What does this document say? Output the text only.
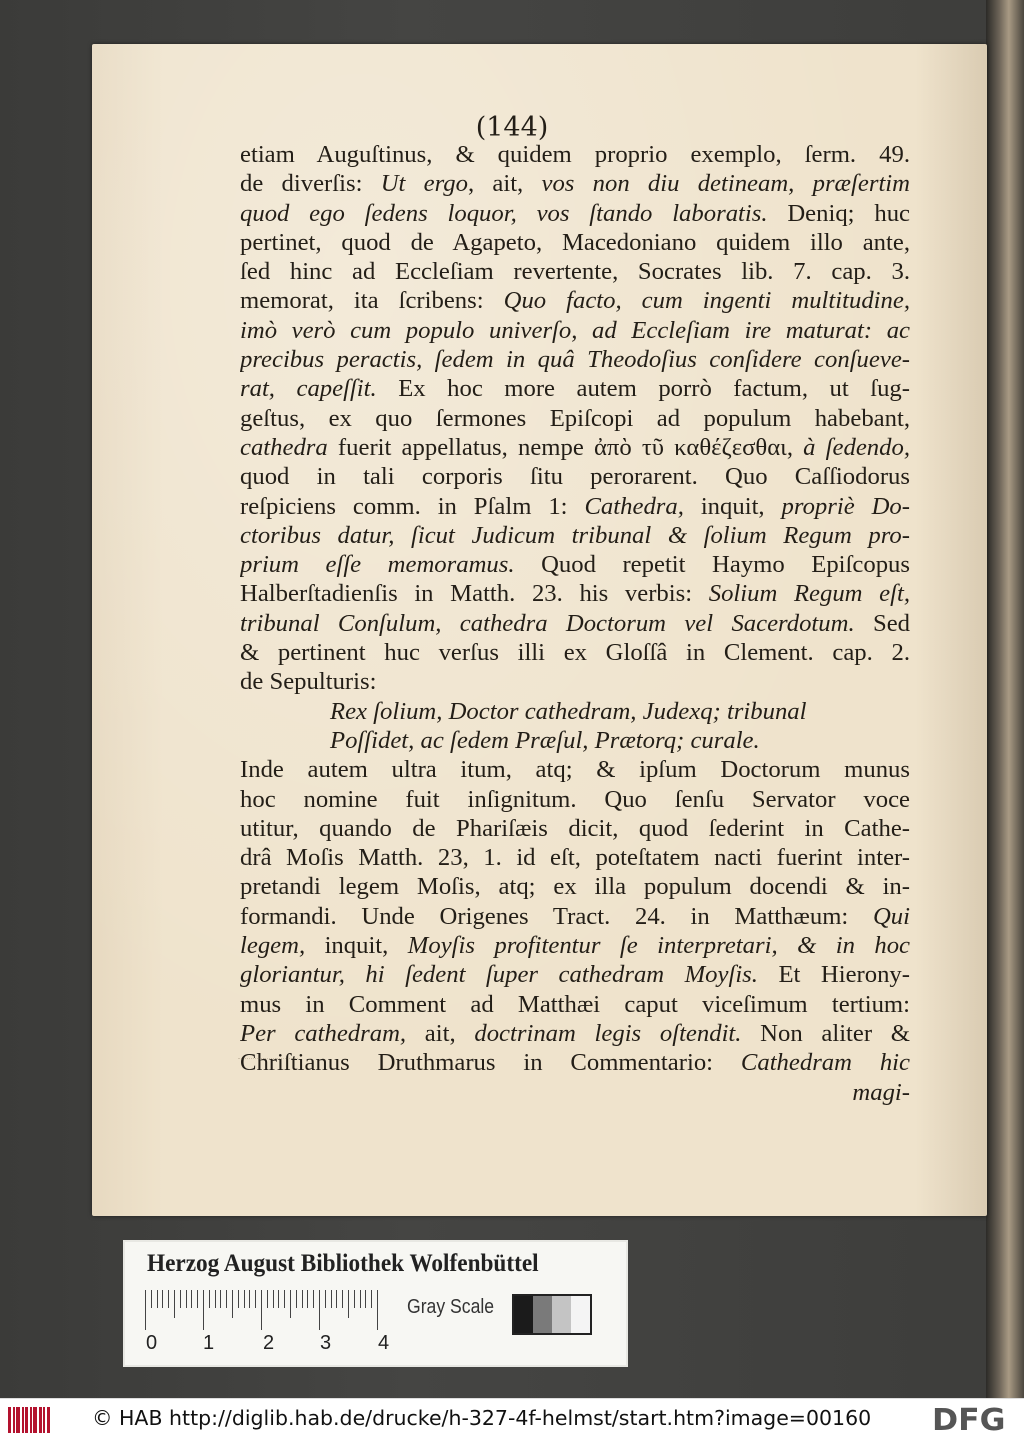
(144)
etiam Auguſtinus, & quidem proprio exemplo, ſerm. 49.
de diverſis: Ut ergo, ait, vos non diu detineam, præſertim
quod ego ſedens loquor, vos ſtando laboratis. Deniq; huc
pertinet, quod de Agapeto, Macedoniano quidem illo ante,
ſed hinc ad Eccleſiam revertente, Socrates lib. 7. cap. 3.
memorat, ita ſcribens: Quo facto, cum ingenti multitudine,
imò verò cum populo univerſo, ad Eccleſiam ire maturat: ac
precibus peractis, ſedem in quâ Theodoſius conſidere conſueve-
rat, capeſſit. Ex hoc more autem porrò factum, ut ſug-
geſtus, ex quo ſermones Epiſcopi ad populum habebant,
cathedra fuerit appellatus, nempe ἀπὸ τῦ καθέζεσθαι, à ſedendo,
quod in tali corporis ſitu perorarent. Quo Caſſiodorus
reſpiciens comm. in Pſalm 1: Cathedra, inquit, propriè Do-
ctoribus datur, ſicut Judicum tribunal & ſolium Regum pro-
prium eſſe memoramus. Quod repetit Haymo Epiſcopus
Halberſtadienſis in Matth. 23. his verbis: Solium Regum eſt,
tribunal Conſulum, cathedra Doctorum vel Sacerdotum. Sed
& pertinent huc verſus illi ex Gloſſâ in Clement. cap. 2.
de Sepulturis:
Rex ſolium, Doctor cathedram, Judexq; tribunal
Poſſidet, ac ſedem Præſul, Prætorq; curale.
Inde autem ultra itum, atq; & ipſum Doctorum munus
hoc nomine fuit inſignitum. Quo ſenſu Servator voce
utitur, quando de Phariſæis dicit, quod ſederint in Cathe-
drâ Moſis Matth. 23, 1. id eſt, poteſtatem nacti fuerint inter-
pretandi legem Moſis, atq; ex illa populum docendi & in-
formandi. Unde Origenes Tract. 24. in Matthæum: Qui
legem, inquit, Moyſis profitentur ſe interpretari, & in hoc
gloriantur, hi ſedent ſuper cathedram Moyſis. Et Hierony-
mus in Comment ad Matthæi caput viceſimum tertium:
Per cathedram, ait, doctrinam legis oſtendit. Non aliter &
Chriſtianus Druthmarus in Commentario: Cathedram hic
magi-
Herzog August Bibliothek Wolfenbüttel
Gray Scale
0 1 2 3 4
© HAB http://diglib.hab.de/drucke/h-327-4f-helmst/start.htm?image=00160 DFG
